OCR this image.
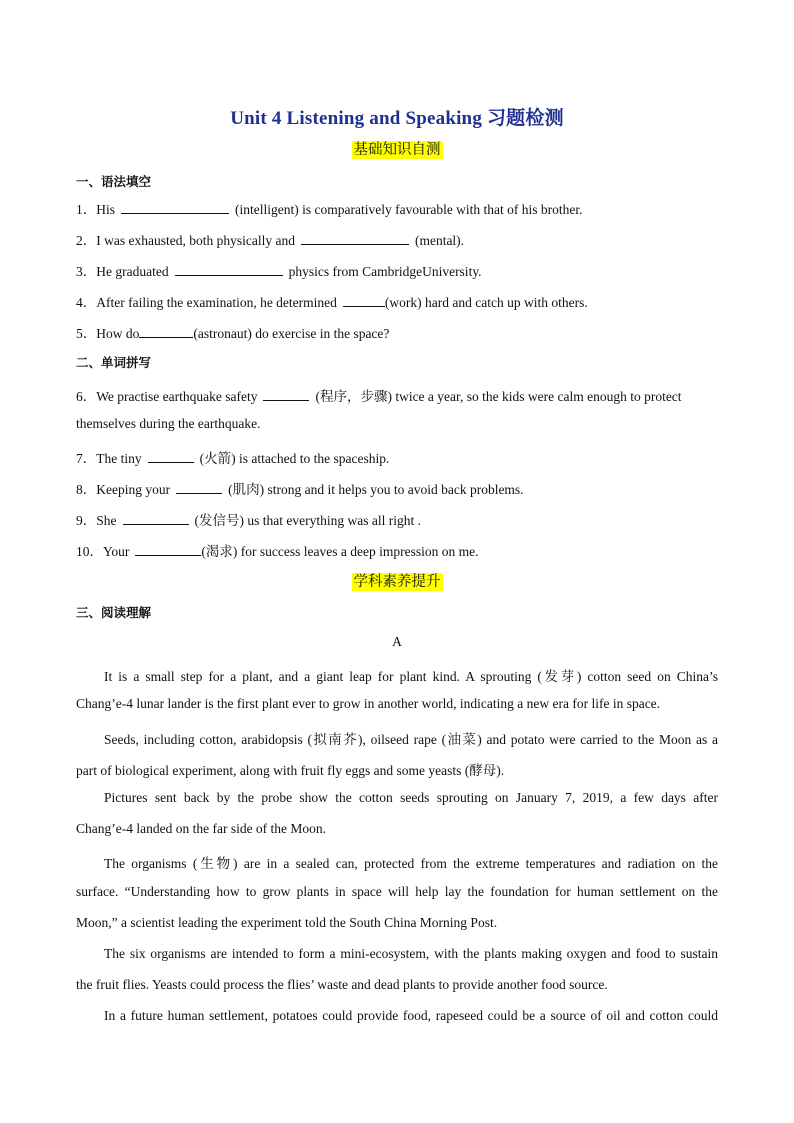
Unit 4 Listening and Speaking 习题检测
基础知识自测
一、语法填空
1．His	(intelligent) is comparatively favourable with that of his brother.
2．I was exhausted, both physically and	(mental).
3．He graduated	physics from CambridgeUniversity.
4．After failing the examination, he determined	(work) hard and catch up with others.
5．How do	(astronaut) do exercise in the space?
二、单词拼写
6．We practise earthquake safety	(程序，步骤) twice a year, so the kids were calm enough to protect
themselves during the earthquake.
7．The tiny	(火箭) is attached to the spaceship.
8．Keeping your	(肌肉) strong and it helps you to avoid back problems.
9．She	(发信号) us that everything was all right .
10．Your	(渴求) for success leaves a deep impression on me.
学科素养提升
三、阅读理解
A
It is a small step for a plant, and a giant leap for plant kind. A sprouting (发芽) cotton seed on China’s
Chang’e-4 lunar lander is the first plant ever to grow in another world, indicating a new era for life in space.
Seeds, including cotton, arabidopsis (拟南芥), oilseed rape (油菜) and potato were carried to the Moon as a
part of biological experiment, along with fruit fly eggs and some yeasts (酵母).
Pictures sent back by the probe show the cotton seeds sprouting on January 7, 2019, a few days after
Chang’e-4 landed on the far side of the Moon.
The organisms (生物) are in a sealed can, protected from the extreme temperatures and radiation on the
surface. “Understanding how to grow plants in space will help lay the foundation for human settlement on the
Moon,” a scientist leading the experiment told the South China Morning Post.
The six organisms are intended to form a mini-ecosystem, with the plants making oxygen and food to sustain
the fruit flies. Yeasts could process the flies’ waste and dead plants to provide another food source.
In a future human settlement, potatoes could provide food, rapeseed could be a source of oil and cotton could
